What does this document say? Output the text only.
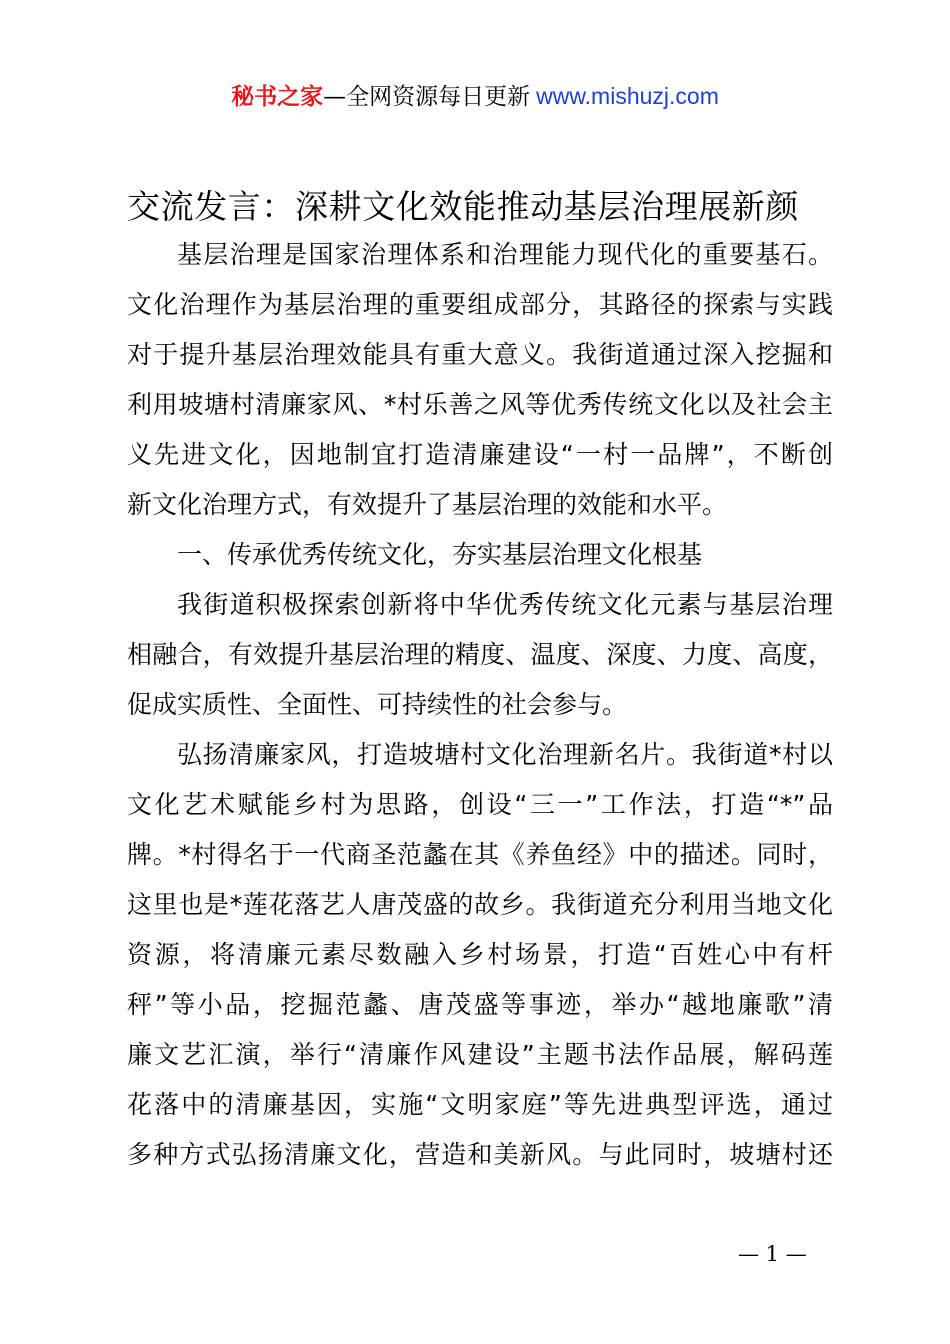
秘书之家—全网资源每日更新 www.mishuzj.com
交流发言：深耕文化效能推动基层治理展新颜
基层治理是国家治理体系和治理能力现代化的重要基石。
文化治理作为基层治理的重要组成部分，其路径的探索与实践
对于提升基层治理效能具有重大意义。我街道通过深入挖掘和
利用坡塘村清廉家风、*村乐善之风等优秀传统文化以及社会主
义先进文化，因地制宜打造清廉建设“一村一品牌”，不断创
新文化治理方式，有效提升了基层治理的效能和水平。
一、传承优秀传统文化，夯实基层治理文化根基
我街道积极探索创新将中华优秀传统文化元素与基层治理
相融合，有效提升基层治理的精度、温度、深度、力度、高度，
促成实质性、全面性、可持续性的社会参与。
弘扬清廉家风，打造坡塘村文化治理新名片。我街道*村以
文化艺术赋能乡村为思路，创设“三一”工作法，打造“*”品
牌。*村得名于一代商圣范蠡在其《养鱼经》中的描述。同时，
这里也是*莲花落艺人唐茂盛的故乡。我街道充分利用当地文化
资源，将清廉元素尽数融入乡村场景，打造“百姓心中有杆
秤”等小品，挖掘范蠡、唐茂盛等事迹，举办“越地廉歌”清
廉文艺汇演，举行“清廉作风建设”主题书法作品展，解码莲
花落中的清廉基因，实施“文明家庭”等先进典型评选，通过
多种方式弘扬清廉文化，营造和美新风。与此同时，坡塘村还
— 1 —
